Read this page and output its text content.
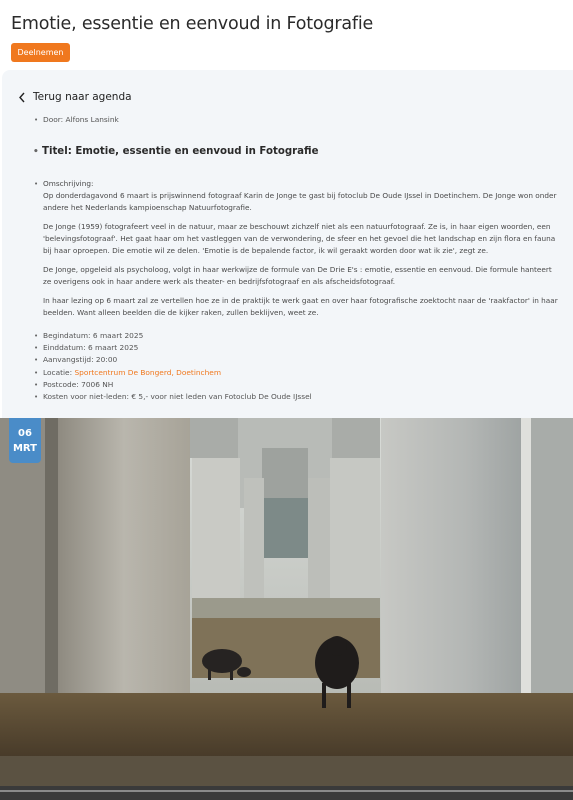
Emotie, essentie en eenvoud in Fotografie
Deelnemen
Terug naar agenda
• Door: Alfons Lansink
• Titel: Emotie, essentie en eenvoud in Fotografie
• Omschrijving:

Op donderdagavond 6 maart is prijswinnend fotograaf Karin de Jonge te gast bij fotoclub De Oude IJssel in Doetinchem. De Jonge won onder andere het Nederlands kampioenschap Natuurfotografie.

De Jonge (1959) fotografeert veel in de natuur, maar ze beschouwt zichzelf niet als een natuurfotograaf. Ze is, in haar eigen woorden, een 'belevingsfotograaf'. Het gaat haar om het vastleggen van de verwondering, de sfeer en het gevoel die het landschap en zijn flora en fauna bij haar oproepen. Die emotie wil ze delen. 'Emotie is de bepalende factor, ik wil geraakt worden door wat ik zie', zegt ze.

De Jonge, opgeleid als psycholoog, volgt in haar werkwijze de formule van De Drie E's : emotie, essentie en eenvoud. Die formule hanteert ze overigens ook in haar andere werk als theater- en bedrijfsfotograaf en als afscheidsfotograaf.

In haar lezing op 6 maart zal ze vertellen hoe ze in de praktijk te werk gaat en over haar fotografische zoektocht naar de 'raakfactor' in haar beelden. Want alleen beelden die de kijker raken, zullen beklijven, weet ze.

• Begindatum: 6 maart 2025
• Einddatum: 6 maart 2025
• Aanvangstijd: 20:00
• Locatie: Sportcentrum De Bongerd, Doetinchem
• Postcode: 7006 NH
• Kosten voor niet-leden: € 5,- voor niet leden van Fotoclub De Oude IJssel
06
MRT
